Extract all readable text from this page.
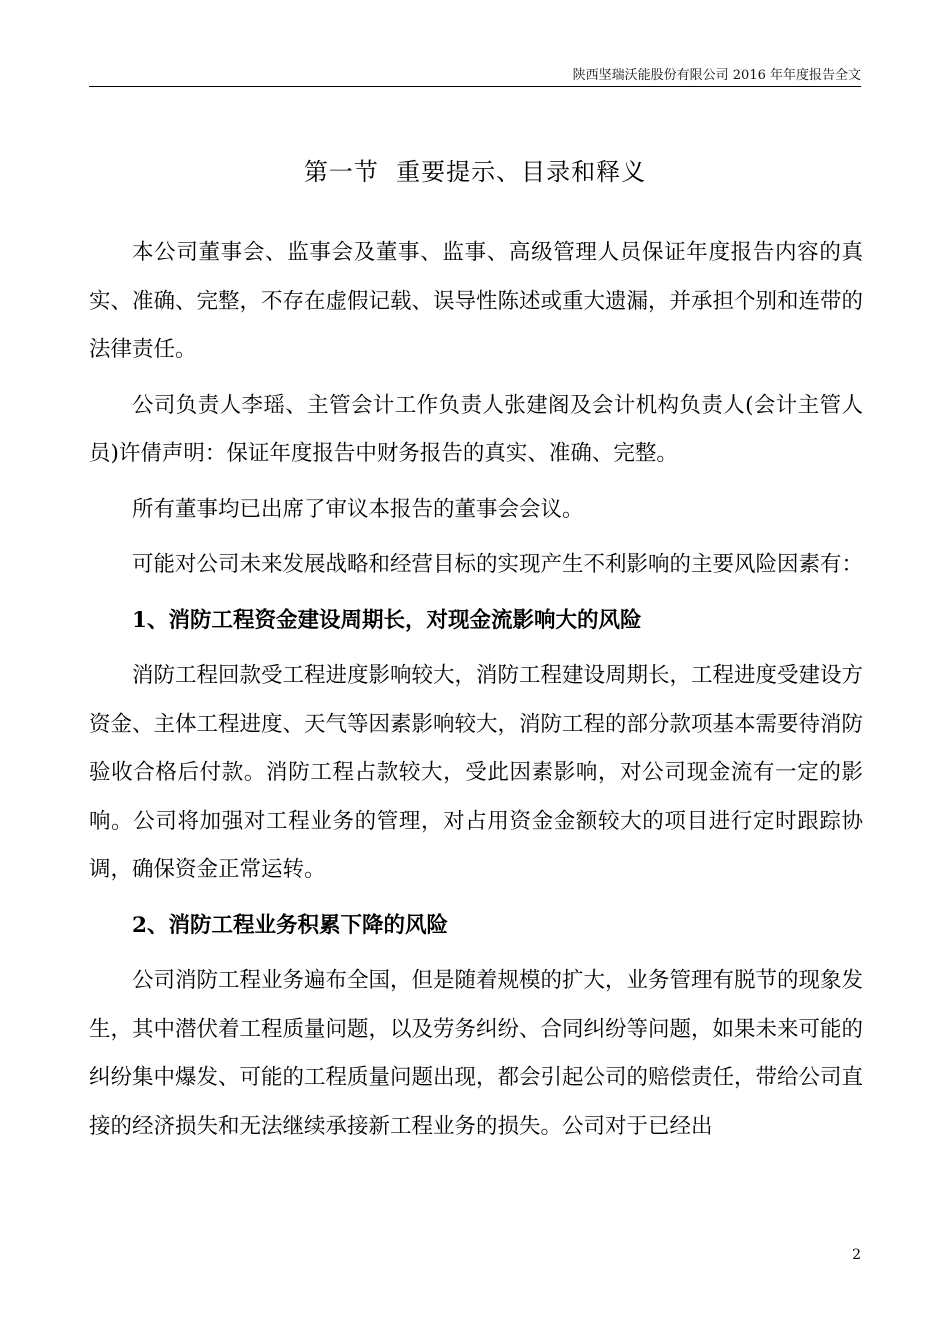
陕西坚瑞沃能股份有限公司 2016 年年度报告全文
第一节  重要提示、目录和释义

本公司董事会、监事会及董事、监事、高级管理人员保证年度报告内容的真实、准确、完整，不存在虚假记载、误导性陈述或重大遗漏，并承担个别和连带的法律责任。

公司负责人李瑶、主管会计工作负责人张建阁及会计机构负责人(会计主管人员)许倩声明：保证年度报告中财务报告的真实、准确、完整。

所有董事均已出席了审议本报告的董事会会议。

可能对公司未来发展战略和经营目标的实现产生不利影响的主要风险因素有：

1、消防工程资金建设周期长，对现金流影响大的风险

消防工程回款受工程进度影响较大，消防工程建设周期长，工程进度受建设方资金、主体工程进度、天气等因素影响较大，消防工程的部分款项基本需要待消防验收合格后付款。消防工程占款较大，受此因素影响，对公司现金流有一定的影响。公司将加强对工程业务的管理，对占用资金金额较大的项目进行定时跟踪协调，确保资金正常运转。

2、消防工程业务积累下降的风险

公司消防工程业务遍布全国，但是随着规模的扩大，业务管理有脱节的现象发生，其中潜伏着工程质量问题，以及劳务纠纷、合同纠纷等问题，如果未来可能的纠纷集中爆发、可能的工程质量问题出现，都会引起公司的赔偿责任，带给公司直接的经济损失和无法继续承接新工程业务的损失。公司对于已经出

2
